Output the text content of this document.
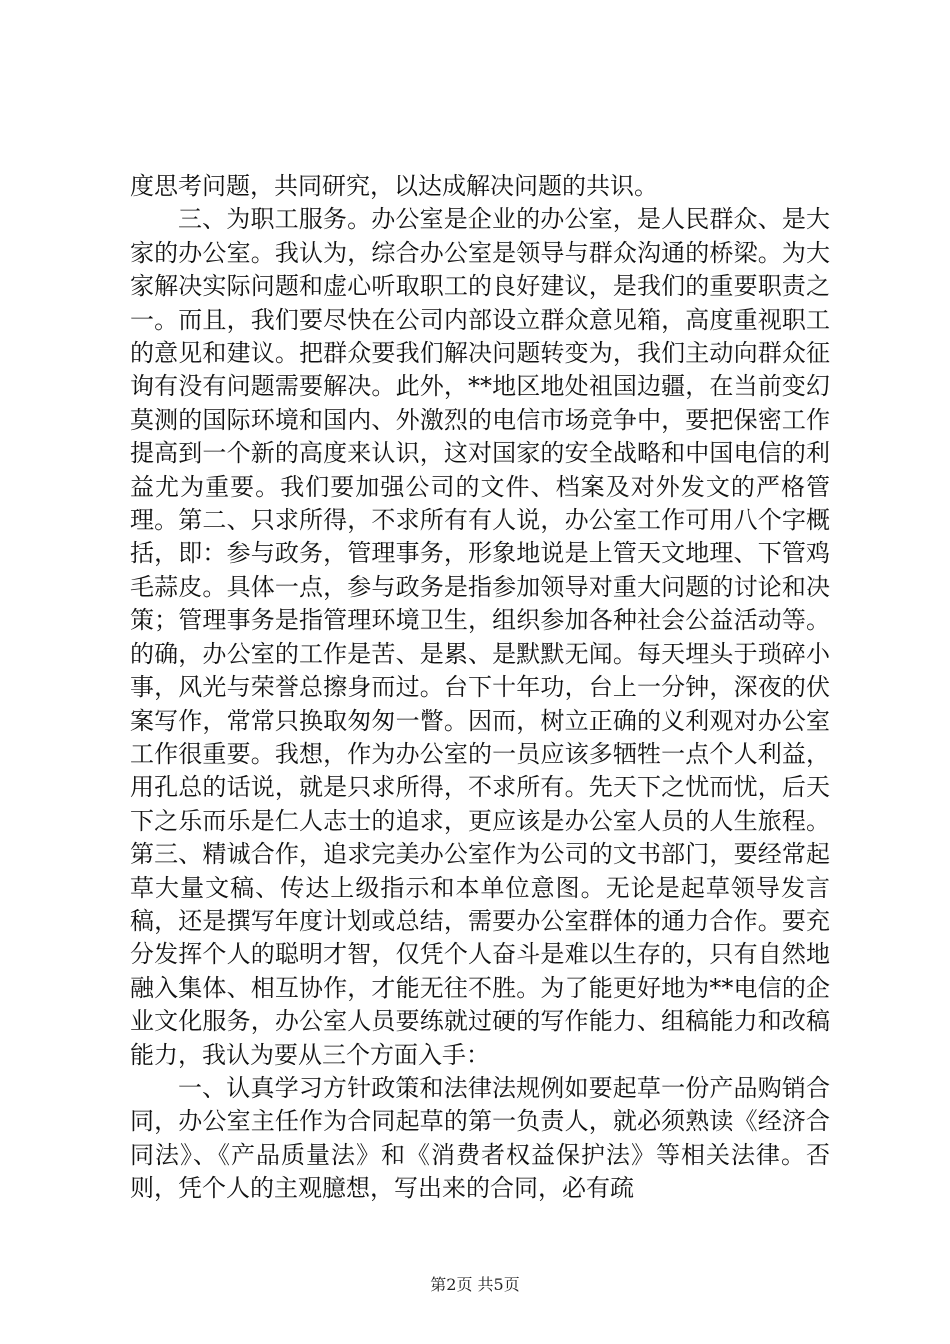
度思考问题，共同研究，以达成解决问题的共识。

三、为职工服务。办公室是企业的办公室，是人民群众、是大家的办公室。我认为，综合办公室是领导与群众沟通的桥梁。为大家解决实际问题和虚心听取职工的良好建议，是我们的重要职责之一。而且，我们要尽快在公司内部设立群众意见箱，高度重视职工的意见和建议。把群众要我们解决问题转变为，我们主动向群众征询有没有问题需要解决。此外，**地区地处祖国边疆，在当前变幻莫测的国际环境和国内、外激烈的电信市场竞争中，要把保密工作提高到一个新的高度来认识，这对国家的安全战略和中国电信的利益尤为重要。我们要加强公司的文件、档案及对外发文的严格管理。第二、只求所得，不求所有有人说，办公室工作可用八个字概括，即：参与政务，管理事务，形象地说是上管天文地理、下管鸡毛蒜皮。具体一点，参与政务是指参加领导对重大问题的讨论和决策；管理事务是指管理环境卫生，组织参加各种社会公益活动等。的确，办公室的工作是苦、是累、是默默无闻。每天埋头于琐碎小事，风光与荣誉总擦身而过。台下十年功，台上一分钟，深夜的伏案写作，常常只换取匆匆一瞥。因而，树立正确的义利观对办公室工作很重要。我想，作为办公室的一员应该多牺牲一点个人利益，用孔总的话说，就是只求所得，不求所有。先天下之忧而忧，后天下之乐而乐是仁人志士的追求，更应该是办公室人员的人生旅程。第三、精诚合作，追求完美办公室作为公司的文书部门，要经常起草大量文稿、传达上级指示和本单位意图。无论是起草领导发言稿，还是撰写年度计划或总结，需要办公室群体的通力合作。要充分发挥个人的聪明才智，仅凭个人奋斗是难以生存的，只有自然地融入集体、相互协作，才能无往不胜。为了能更好地为**电信的企业文化服务，办公室人员要练就过硬的写作能力、组稿能力和改稿能力，我认为要从三个方面入手：

一、认真学习方针政策和法律法规例如要起草一份产品购销合同，办公室主任作为合同起草的第一负责人，就必须熟读《经济合同法》、《产品质量法》和《消费者权益保护法》等相关法律。否则，凭个人的主观臆想，写出来的合同，必有疏

第2页 共5页
